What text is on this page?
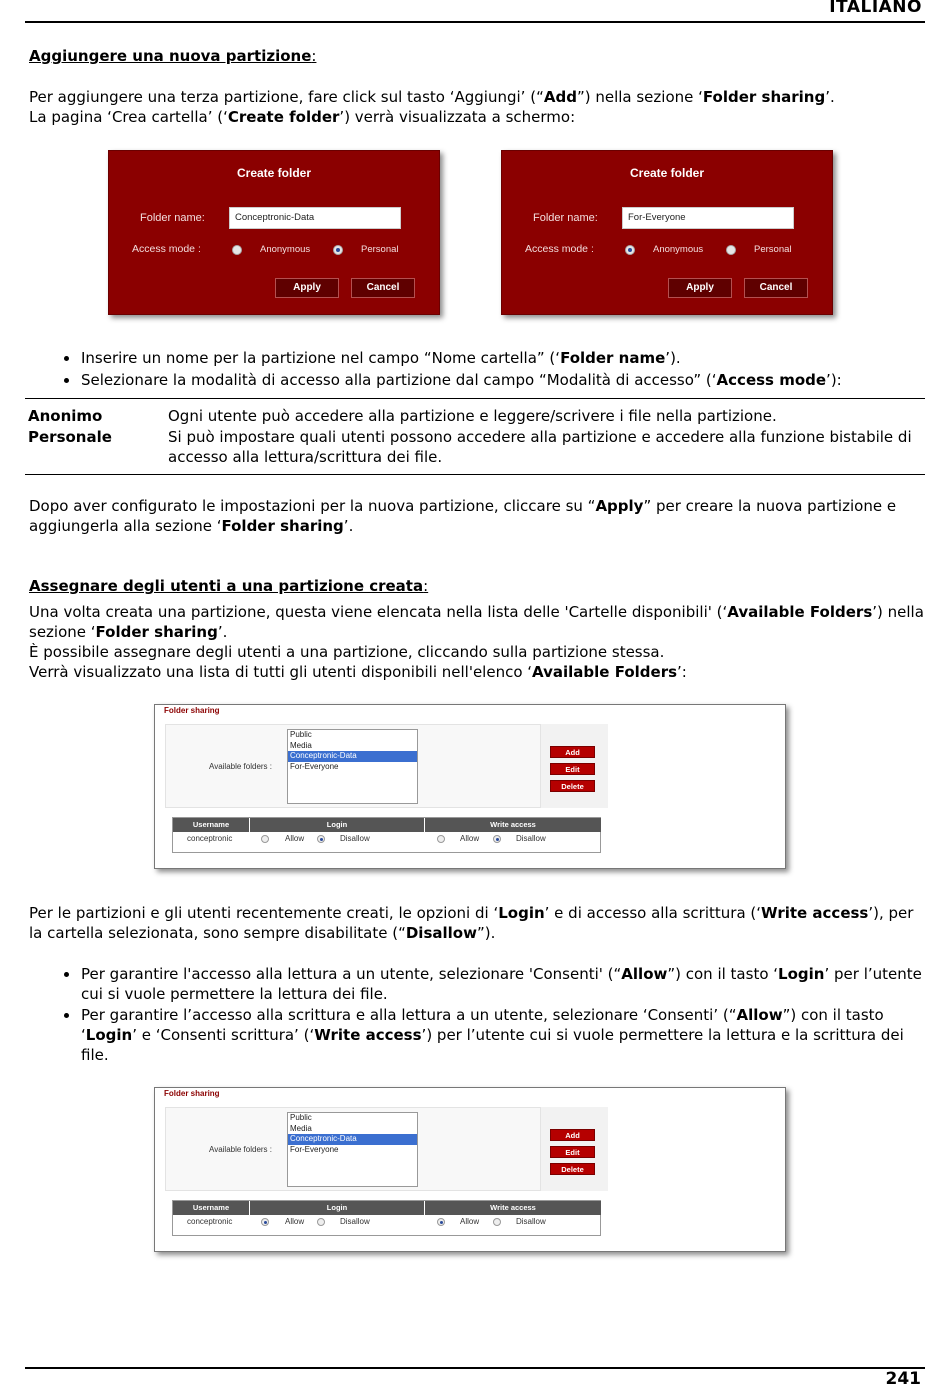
ITALIANO
Aggiungere una nuova partizione:
Per aggiungere una terza partizione, fare click sul tasto ‘Aggiungi’ (“Add”) nella sezione ‘Folder sharing’.
La pagina ‘Crea cartella’ (‘Create folder’) verrà visualizzata a schermo:
Create folder
Folder name:	Conceptronic-Data
Access mode :	Anonymous	Personal
Apply	Cancel
Create folder
Folder name:	For-Everyone
Access mode :	Anonymous	Personal
Apply	Cancel
Inserire un nome per la partizione nel campo “Nome cartella” (‘Folder name’).
Selezionare la modalità di accesso alla partizione dal campo “Modalità di accesso” (‘Access mode’):
Anonimo	Ogni utente può accedere alla partizione e leggere/scrivere i file nella partizione.
Personale	Si può impostare quali utenti possono accedere alla partizione e accedere alla funzione bistabile di accesso alla lettura/scrittura dei file.
Dopo aver configurato le impostazioni per la nuova partizione, cliccare su “Apply” per creare la nuova partizione e aggiungerla alla sezione ‘Folder sharing’.
Assegnare degli utenti a una partizione creata:
Una volta creata una partizione, questa viene elencata nella lista delle 'Cartelle disponibili' (‘Available Folders’) nella sezione ‘Folder sharing’.
È possibile assegnare degli utenti a una partizione, cliccando sulla partizione stessa.
Verrà visualizzato una lista di tutti gli utenti disponibili nell'elenco ‘Available Folders’:
Folder sharing
Available folders :
Public
Media
Conceptronic-Data
For-Everyone
Add
Edit
Delete
Username	Login	Write access
conceptronic	Allow	Disallow	Allow	Disallow
Per le partizioni e gli utenti recentemente creati, le opzioni di ‘Login’ e di accesso alla scrittura (‘Write access’), per la cartella selezionata, sono sempre disabilitate (“Disallow”).
Per garantire l'accesso alla lettura a un utente, selezionare 'Consenti' (“Allow”) con il tasto ‘Login’ per l’utente cui si vuole permettere la lettura dei file.
Per garantire l’accesso alla scrittura e alla lettura a un utente, selezionare ‘Consenti’ (“Allow”) con il tasto ‘Login’ e ‘Consenti scrittura’ (‘Write access’) per l’utente cui si vuole permettere la lettura e la scrittura dei file.
Folder sharing
Available folders :
Public
Media
Conceptronic-Data
For-Everyone
Add
Edit
Delete
Username	Login	Write access
conceptronic	Allow	Disallow	Allow	Disallow
241
